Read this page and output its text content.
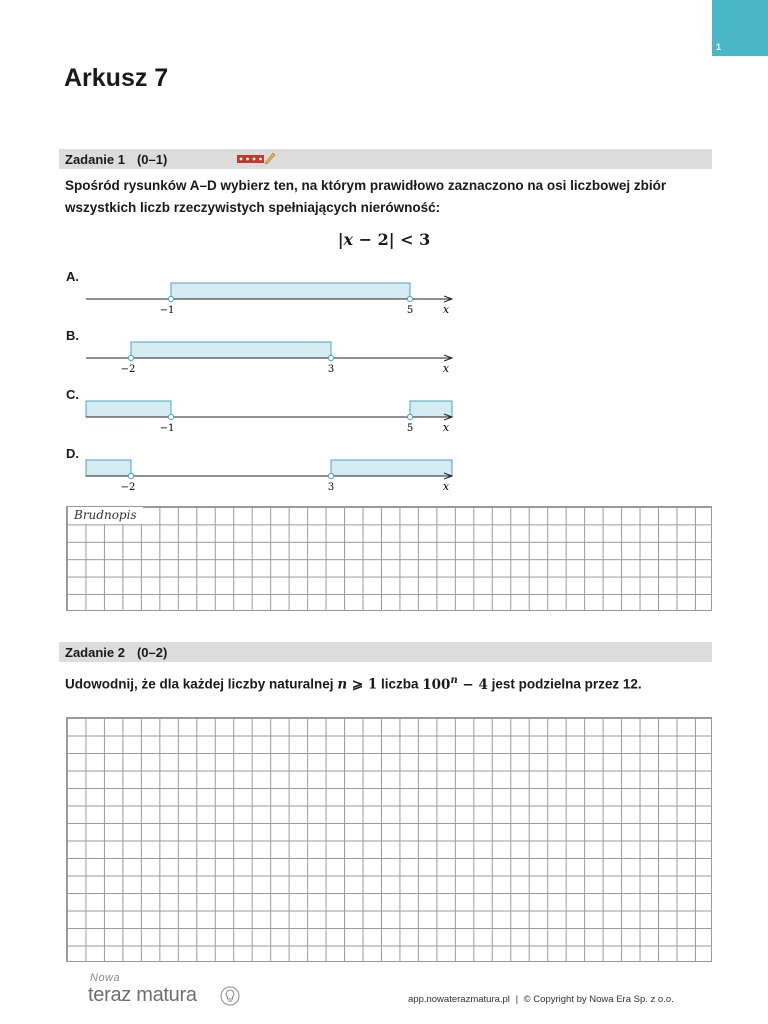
1
Arkusz 7
Zadanie 1 (0–1)
Spośród rysunków A–D wybierz ten, na którym prawidłowo zaznaczono na osi liczbowej zbiór
wszystkich liczb rzeczywistych spełniających nierówność:
|x − 2| < 3
A.
−1	5	x
B.
−2	3	x
C.
−1	5	x
D.
−2	3	x
Brudnopis
Zadanie 2 (0–2)
Udowodnij, że dla każdej liczby naturalnej n ⩾ 1 liczba $100^n - 4$ jest podzielna przez 12.
Nowa
teraz matura	app.nowaterazmatura.pl | © Copyright by Nowa Era Sp. z o.o.
